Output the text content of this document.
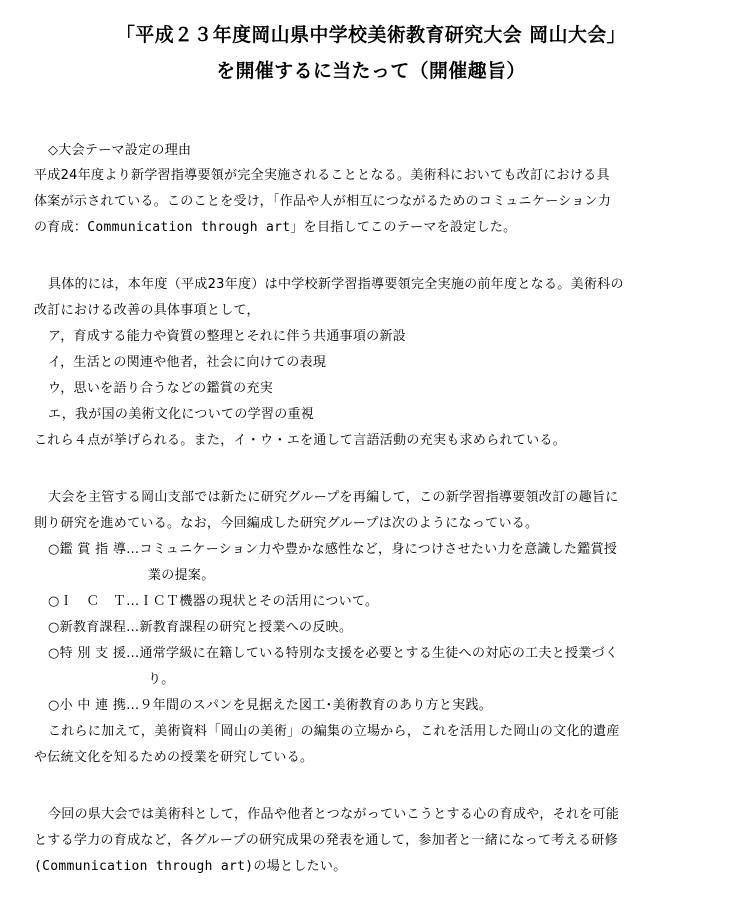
「平成２３年度岡山県中学校美術教育研究大会 岡山大会」
を開催するに当たって（開催趣旨）
◇大会テーマ設定の理由
平成24年度より新学習指導要領が完全実施されることとなる。美術科においても改訂における具
体案が示されている。このことを受け，「作品や人が相互につながるためのコミュニケーション力
の育成：Communication through art」を目指してこのテーマを設定した。
具体的には，本年度（平成23年度）は中学校新学習指導要領完全実施の前年度となる。美術科の
改訂における改善の具体事項として，
ア，育成する能力や資質の整理とそれに伴う共通事項の新設
イ，生活との関連や他者，社会に向けての表現
ウ，思いを語り合うなどの鑑賞の充実
エ，我が国の美術文化についての学習の重視
これら４点が挙げられる。また，イ・ウ・エを通して言語活動の充実も求められている。
大会を主管する岡山支部では新たに研究グループを再編して，この新学習指導要領改訂の趣旨に
則り研究を進めている。なお，今回編成した研究グループは次のようになっている。
○鑑 賞 指 導…コミュニケーション力や豊かな感性など，身につけさせたい力を意識した鑑賞授
業の提案。
○Ｉ　Ｃ　Ｔ…ＩＣＴ機器の現状とその活用について。
○新教育課程…新教育課程の研究と授業への反映。
○特 別 支 援…通常学級に在籍している特別な支援を必要とする生徒への対応の工夫と授業づく
り。
○小 中 連 携…９年間のスパンを見据えた図工･美術教育のあり方と実践。
これらに加えて，美術資料「岡山の美術」の編集の立場から，これを活用した岡山の文化的遺産
や伝統文化を知るための授業を研究している。
今回の県大会では美術科として，作品や他者とつながっていこうとする心の育成や，それを可能
とする学力の育成など，各グループの研究成果の発表を通して，参加者と一緒になって考える研修
(Communication through art)の場としたい。
